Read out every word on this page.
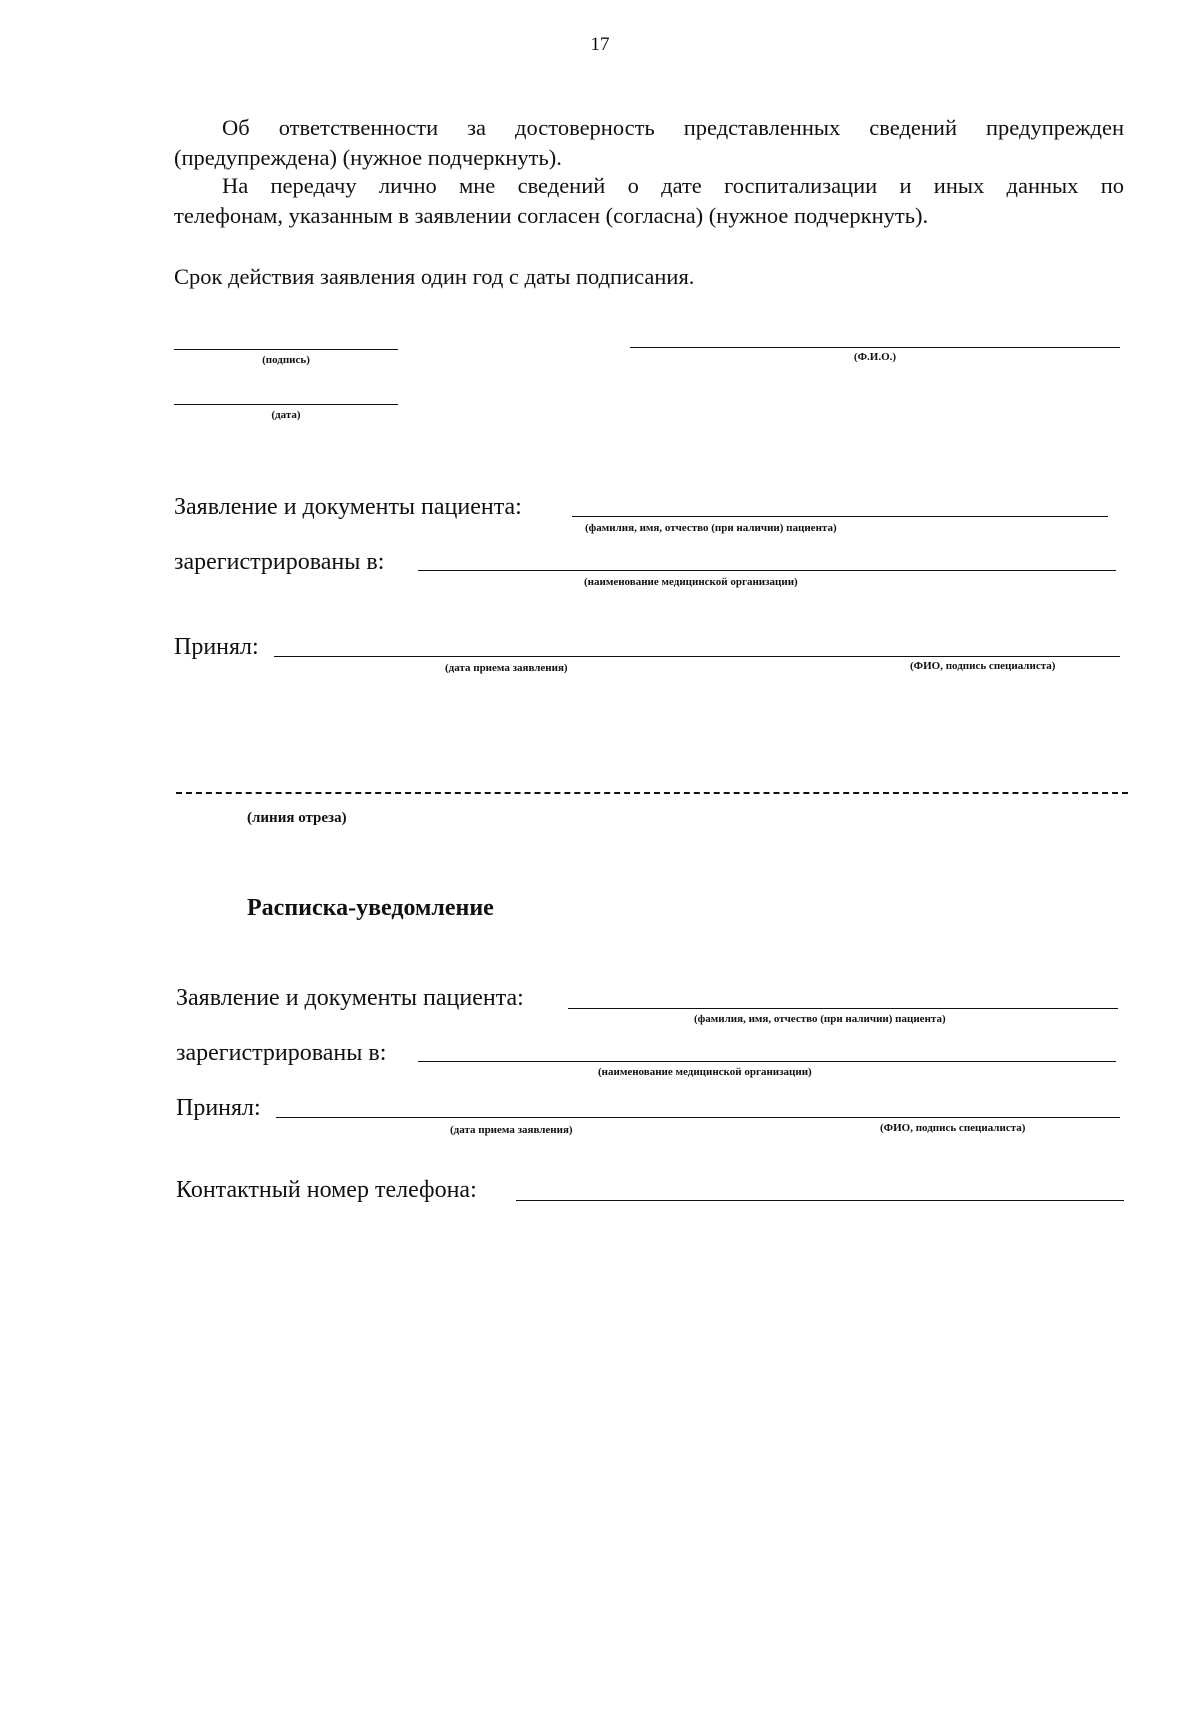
17
Об ответственности за достоверность представленных сведений предупрежден
(предупреждена) (нужное подчеркнуть).
На передачу лично мне сведений о дате госпитализации и иных данных по
телефонам, указанным в заявлении согласен (согласна) (нужное подчеркнуть).
Срок действия заявления один год с даты подписания.
(подпись)	(Ф.И.О.)
(дата)
Заявление и документы пациента:
(фамилия, имя, отчество (при наличии) пациента)
зарегистрированы в:
(наименование медицинской организации)
Принял:
(дата приема заявления)	(ФИО, подпись специалиста)
(линия отреза)
Расписка-уведомление
Заявление и документы пациента:
(фамилия, имя, отчество (при наличии) пациента)
зарегистрированы в:
(наименование медицинской организации)
Принял:
(дата приема заявления)	(ФИО, подпись специалиста)
Контактный номер телефона:
